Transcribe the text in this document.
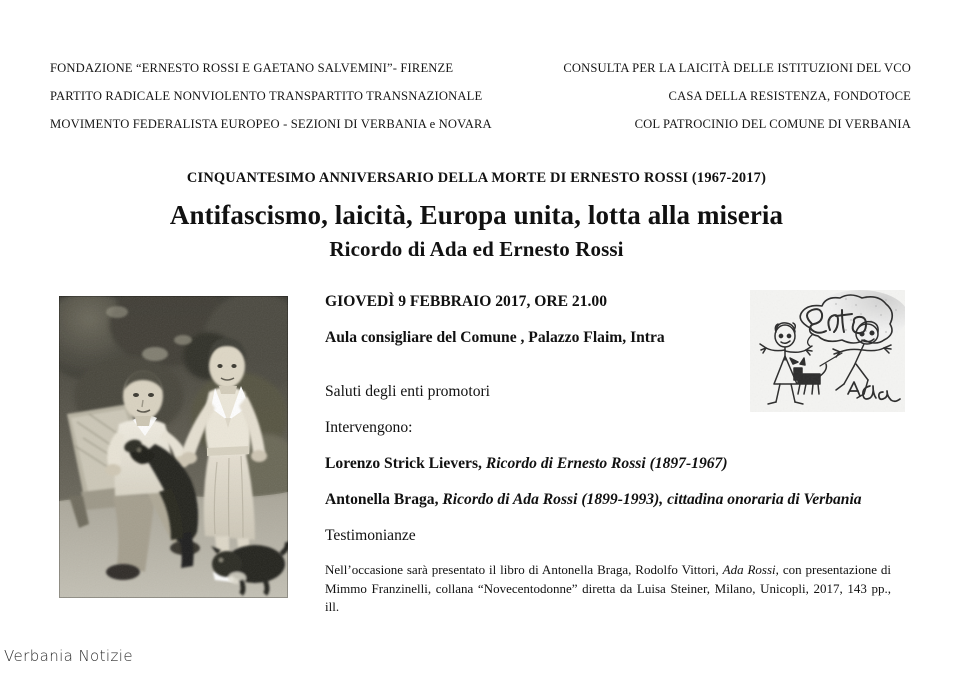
FONDAZIONE “ERNESTO ROSSI E GAETANO SALVEMINI”- FIRENZE
PARTITO RADICALE NONVIOLENTO TRANSPARTITO TRANSNAZIONALE
MOVIMENTO FEDERALISTA EUROPEO - SEZIONI DI VERBANIA e NOVARA
CONSULTA PER LA LAICITÀ DELLE ISTITUZIONI DEL VCO
CASA DELLA RESISTENZA, FONDOTOCE
COL PATROCINIO DEL COMUNE DI VERBANIA
CINQUANTESIMO ANNIVERSARIO DELLA MORTE DI ERNESTO ROSSI (1967-2017)
Antifascismo, laicità, Europa unita, lotta alla miseria
Ricordo di Ada ed Ernesto Rossi
GIOVEDÌ 9 FEBBRAIO 2017, ORE 21.00
Aula consigliare del Comune , Palazzo Flaim, Intra
Saluti degli enti promotori
Intervengono:
Lorenzo Strick Lievers, Ricordo di Ernesto Rossi (1897-1967)
Antonella Braga, Ricordo di Ada Rossi (1899-1993), cittadina onoraria di Verbania
Testimonianze
Nell’occasione sarà presentato il libro di Antonella Braga, Rodolfo Vittori, Ada Rossi, con presentazione di Mimmo Franzinelli, collana “Novecentodonne” diretta da Luisa Steiner, Milano, Unicopli, 2017, 143 pp., ill.
Verbania Notizie
